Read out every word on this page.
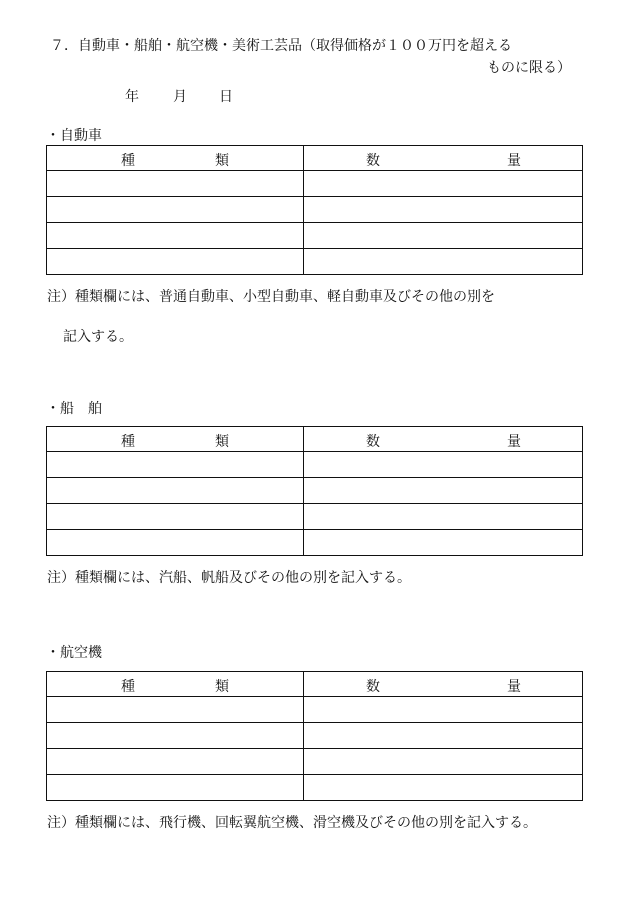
７．自動車・船舶・航空機・美術工芸品（取得価格が１００万円を超える
ものに限る）
年 月 日
・自動車
種 類	数 量

注）種類欄には、普通自動車、小型自動車、軽自動車及びその他の別を
記入する。
・船　舶
種 類	数 量

注）種類欄には、汽船、帆船及びその他の別を記入する。
・航空機
種 類	数 量

注）種類欄には、飛行機、回転翼航空機、滑空機及びその他の別を記入する。
